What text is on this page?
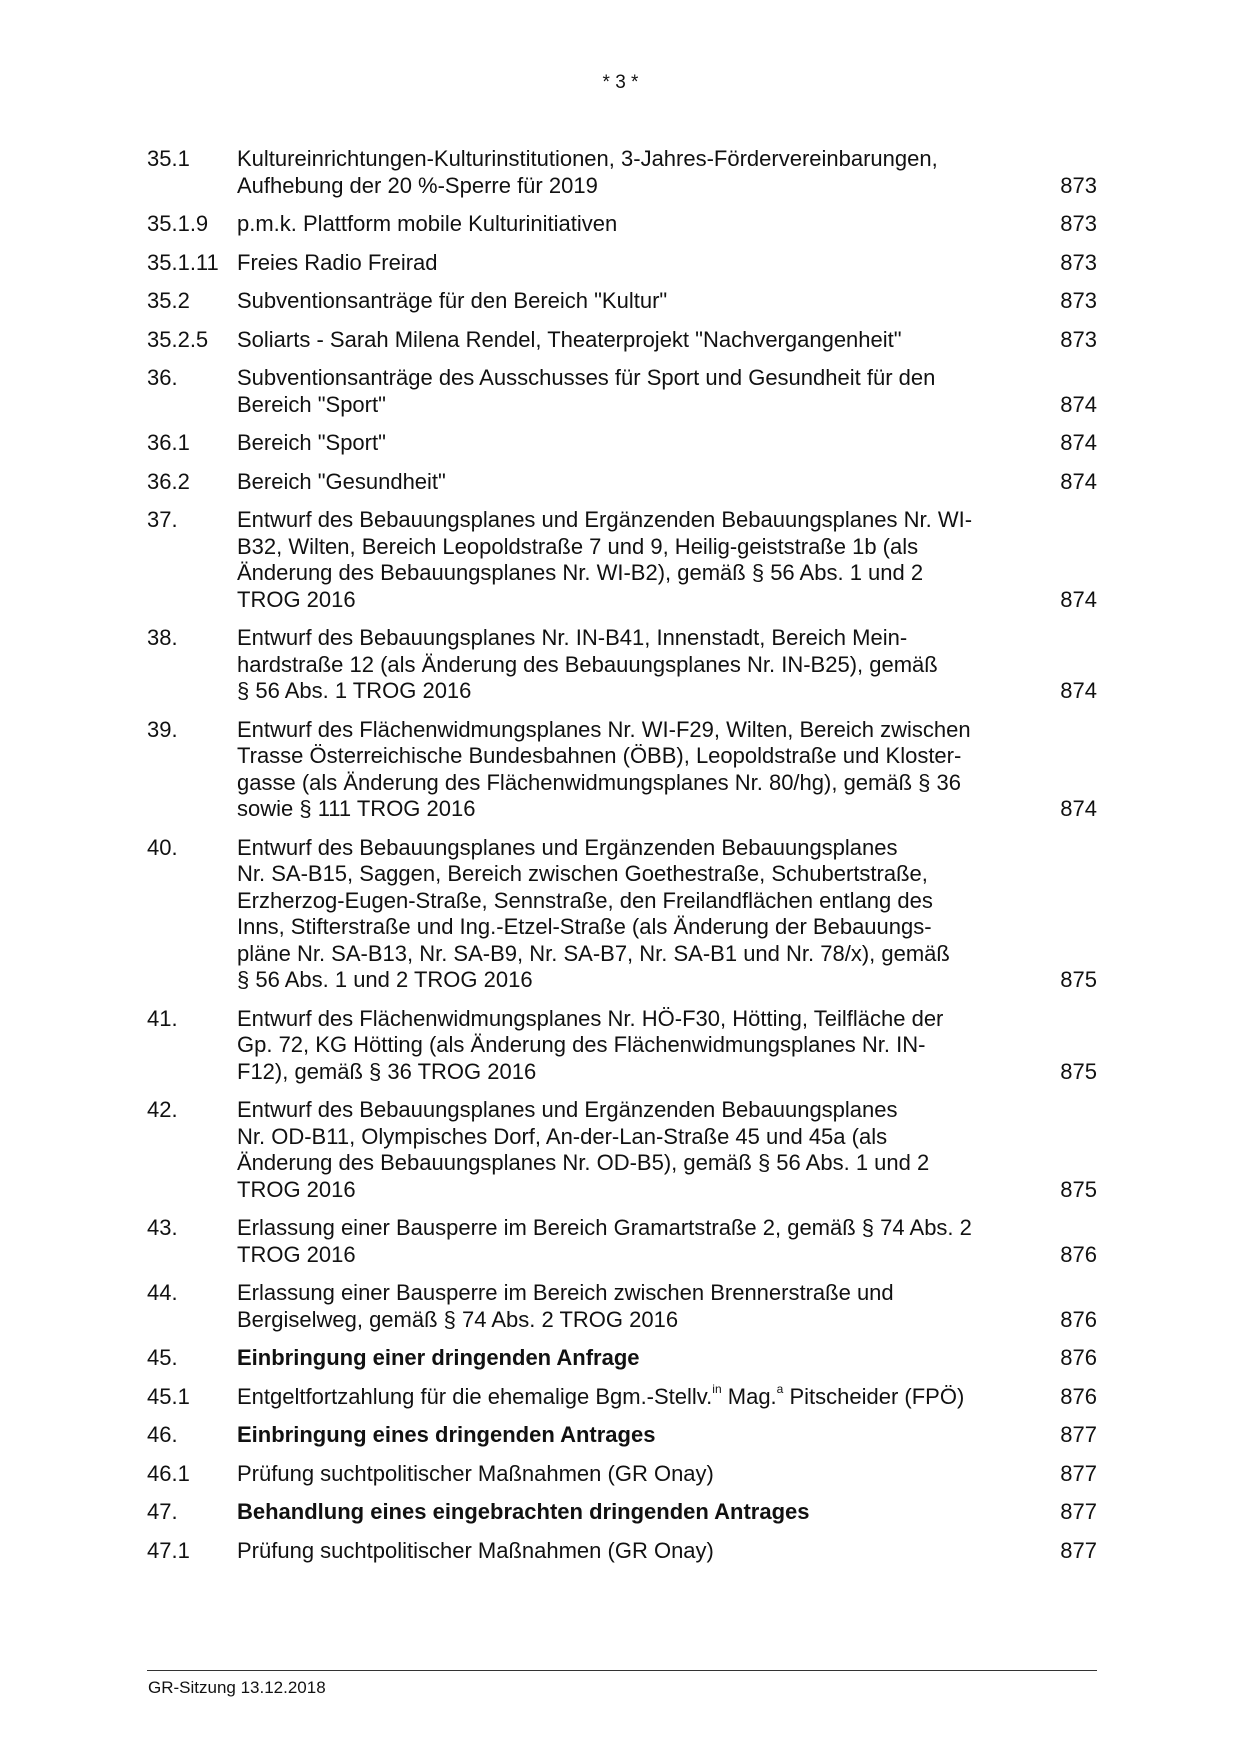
* 3 *
35.1	Kultureinrichtungen-Kulturinstitutionen, 3-Jahres-Fördervereinbarungen,
Aufhebung der 20 %-Sperre für 2019	873
35.1.9	p.m.k. Plattform mobile Kulturinitiativen	873
35.1.11 Freies Radio Freirad	873
35.2	Subventionsanträge für den Bereich "Kultur"	873
35.2.5	Soliarts - Sarah Milena Rendel, Theaterprojekt "Nachvergangenheit"	873
36.	Subventionsanträge des Ausschusses für Sport und Gesundheit für den
Bereich "Sport"	874
36.1	Bereich "Sport"	874
36.2	Bereich "Gesundheit"	874
37.	Entwurf des Bebauungsplanes und Ergänzenden Bebauungsplanes Nr. WI-
B32, Wilten, Bereich Leopoldstraße 7 und 9, Heilig-geiststraße 1b (als
Änderung des Bebauungsplanes Nr. WI-B2), gemäß § 56 Abs. 1 und 2
TROG 2016	874
38.	Entwurf des Bebauungsplanes Nr. IN-B41, Innenstadt, Bereich Mein-
hardstraße 12 (als Änderung des Bebauungsplanes Nr. IN-B25), gemäß
§ 56 Abs. 1 TROG 2016	874
39.	Entwurf des Flächenwidmungsplanes Nr. WI-F29, Wilten, Bereich zwischen
Trasse Österreichische Bundesbahnen (ÖBB), Leopoldstraße und Kloster-
gasse (als Änderung des Flächenwidmungsplanes Nr. 80/hg), gemäß § 36
sowie § 111 TROG 2016	874
40.	Entwurf des Bebauungsplanes und Ergänzenden Bebauungsplanes
Nr. SA-B15, Saggen, Bereich zwischen Goethestraße, Schubertstraße,
Erzherzog-Eugen-Straße, Sennstraße, den Freilandflächen entlang des
Inns, Stifterstraße und Ing.-Etzel-Straße (als Änderung der Bebauungs-
pläne Nr. SA-B13, Nr. SA-B9, Nr. SA-B7, Nr. SA-B1 und Nr. 78/x), gemäß
§ 56 Abs. 1 und 2 TROG 2016	875
41.	Entwurf des Flächenwidmungsplanes Nr. HÖ-F30, Hötting, Teilfläche der
Gp. 72, KG Hötting (als Änderung des Flächenwidmungsplanes Nr. IN-
F12), gemäß § 36 TROG 2016	875
42.	Entwurf des Bebauungsplanes und Ergänzenden Bebauungsplanes
Nr. OD-B11, Olympisches Dorf, An-der-Lan-Straße 45 und 45a (als
Änderung des Bebauungsplanes Nr. OD-B5), gemäß § 56 Abs. 1 und 2
TROG 2016	875
43.	Erlassung einer Bausperre im Bereich Gramartstraße 2, gemäß § 74 Abs. 2
TROG 2016	876
44.	Erlassung einer Bausperre im Bereich zwischen Brennerstraße und
Bergiselweg, gemäß § 74 Abs. 2 TROG 2016	876
45.	Einbringung einer dringenden Anfrage	876
45.1	Entgeltfortzahlung für die ehemalige Bgm.-Stellv.$^{in}$ Mag.$^a$ Pitscheider (FPÖ)	876
46.	Einbringung eines dringenden Antrages	877
46.1	Prüfung suchtpolitischer Maßnahmen (GR Onay)	877
47.	Behandlung eines eingebrachten dringenden Antrages	877
47.1	Prüfung suchtpolitischer Maßnahmen (GR Onay)	877
GR-Sitzung 13.12.2018
